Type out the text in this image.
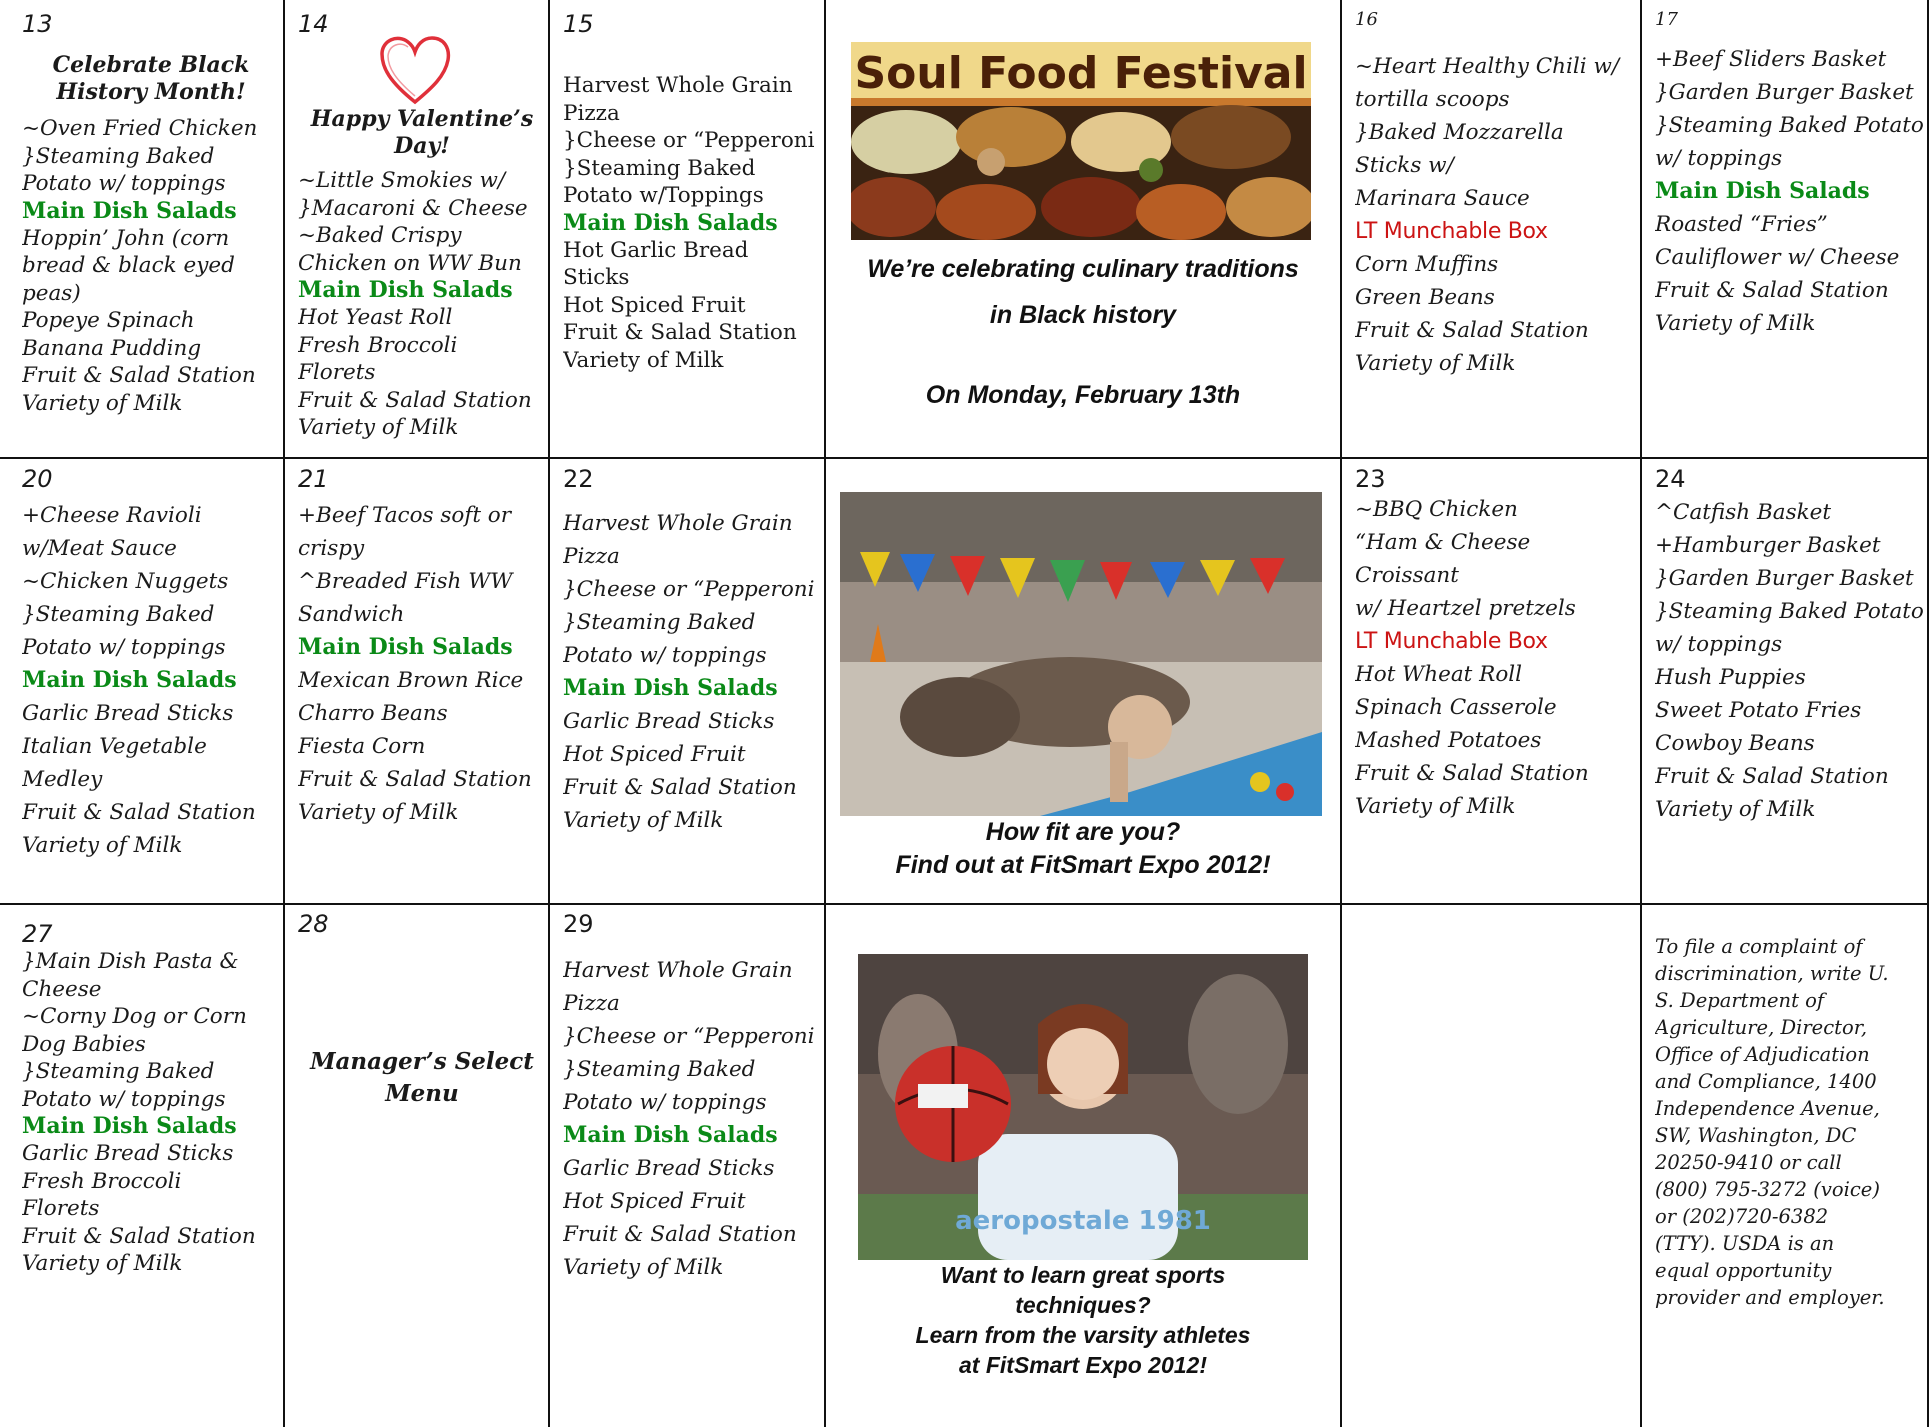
13
Celebrate Black
History Month!
~Oven Fried Chicken
}Steaming Baked
Potato w/ toppings
Main Dish Salads
Hoppin’ John (corn
bread & black eyed
peas)
Popeye Spinach
Banana Pudding
Fruit & Salad Station
Variety of Milk
14
Happy Valentine’s
Day!
~Little Smokies w/
}Macaroni & Cheese
~Baked Crispy
Chicken on WW Bun
Main Dish Salads
Hot Yeast Roll
Fresh Broccoli
Florets
Fruit & Salad Station
Variety of Milk
15
Harvest Whole Grain
Pizza
}Cheese or “Pepperoni
}Steaming Baked
Potato w/Toppings
Main Dish Salads
Hot Garlic Bread
Sticks
Hot Spiced Fruit
Fruit & Salad Station
Variety of Milk
Soul Food Festival
We’re celebrating culinary traditions
in Black history
On Monday, February 13th
16
~Heart Healthy Chili w/
tortilla scoops
}Baked Mozzarella
Sticks w/
Marinara Sauce
LT Munchable Box
Corn Muffins
Green Beans
Fruit & Salad Station
Variety of Milk
17
+Beef Sliders Basket
}Garden Burger Basket
}Steaming Baked Potato
w/ toppings
Main Dish Salads
Roasted “Fries”
Cauliflower w/ Cheese
Fruit & Salad Station
Variety of Milk
20
+Cheese Ravioli
w/Meat Sauce
~Chicken Nuggets
}Steaming Baked
Potato w/ toppings
Main Dish Salads
Garlic Bread Sticks
Italian Vegetable
Medley
Fruit & Salad Station
Variety of Milk
21
+Beef Tacos soft or
crispy
^Breaded Fish WW
Sandwich
Main Dish Salads
Mexican Brown Rice
Charro Beans
Fiesta Corn
Fruit & Salad Station
Variety of Milk
22
Harvest Whole Grain
Pizza
}Cheese or “Pepperoni
}Steaming Baked
Potato w/ toppings
Main Dish Salads
Garlic Bread Sticks
Hot Spiced Fruit
Fruit & Salad Station
Variety of Milk	How fit are you?
Find out at FitSmart Expo 2012!
23
~BBQ Chicken
“Ham & Cheese
Croissant
w/ Heartzel pretzels
LT Munchable Box
Hot Wheat Roll
Spinach Casserole
Mashed Potatoes
Fruit & Salad Station
Variety of Milk
24
^Catfish Basket
+Hamburger Basket
}Garden Burger Basket
}Steaming Baked Potato
w/ toppings
Hush Puppies
Sweet Potato Fries
Cowboy Beans
Fruit & Salad Station
Variety of Milk
27
}Main Dish Pasta &
Cheese
~Corny Dog or Corn
Dog Babies
}Steaming Baked
Potato w/ toppings
Main Dish Salads
Garlic Bread Sticks
Fresh Broccoli
Florets
Fruit & Salad Station
Variety of Milk
28
Manager’s Select
Menu
29
Harvest Whole Grain
Pizza
}Cheese or “Pepperoni
}Steaming Baked
Potato w/ toppings
Main Dish Salads
Garlic Bread Sticks
Hot Spiced Fruit
Fruit & Salad Station
Variety of Milk
aeropostale 1981
Want to learn great sports
techniques?
Learn from the varsity athletes
at FitSmart Expo 2012!
To file a complaint of
discrimination, write U.
S. Department of
Agriculture, Director,
Office of Adjudication
and Compliance, 1400
Independence Avenue,
SW, Washington, DC
20250-9410 or call
(800) 795-3272 (voice)
or (202)720-6382
(TTY). USDA is an
equal opportunity
provider and employer.
